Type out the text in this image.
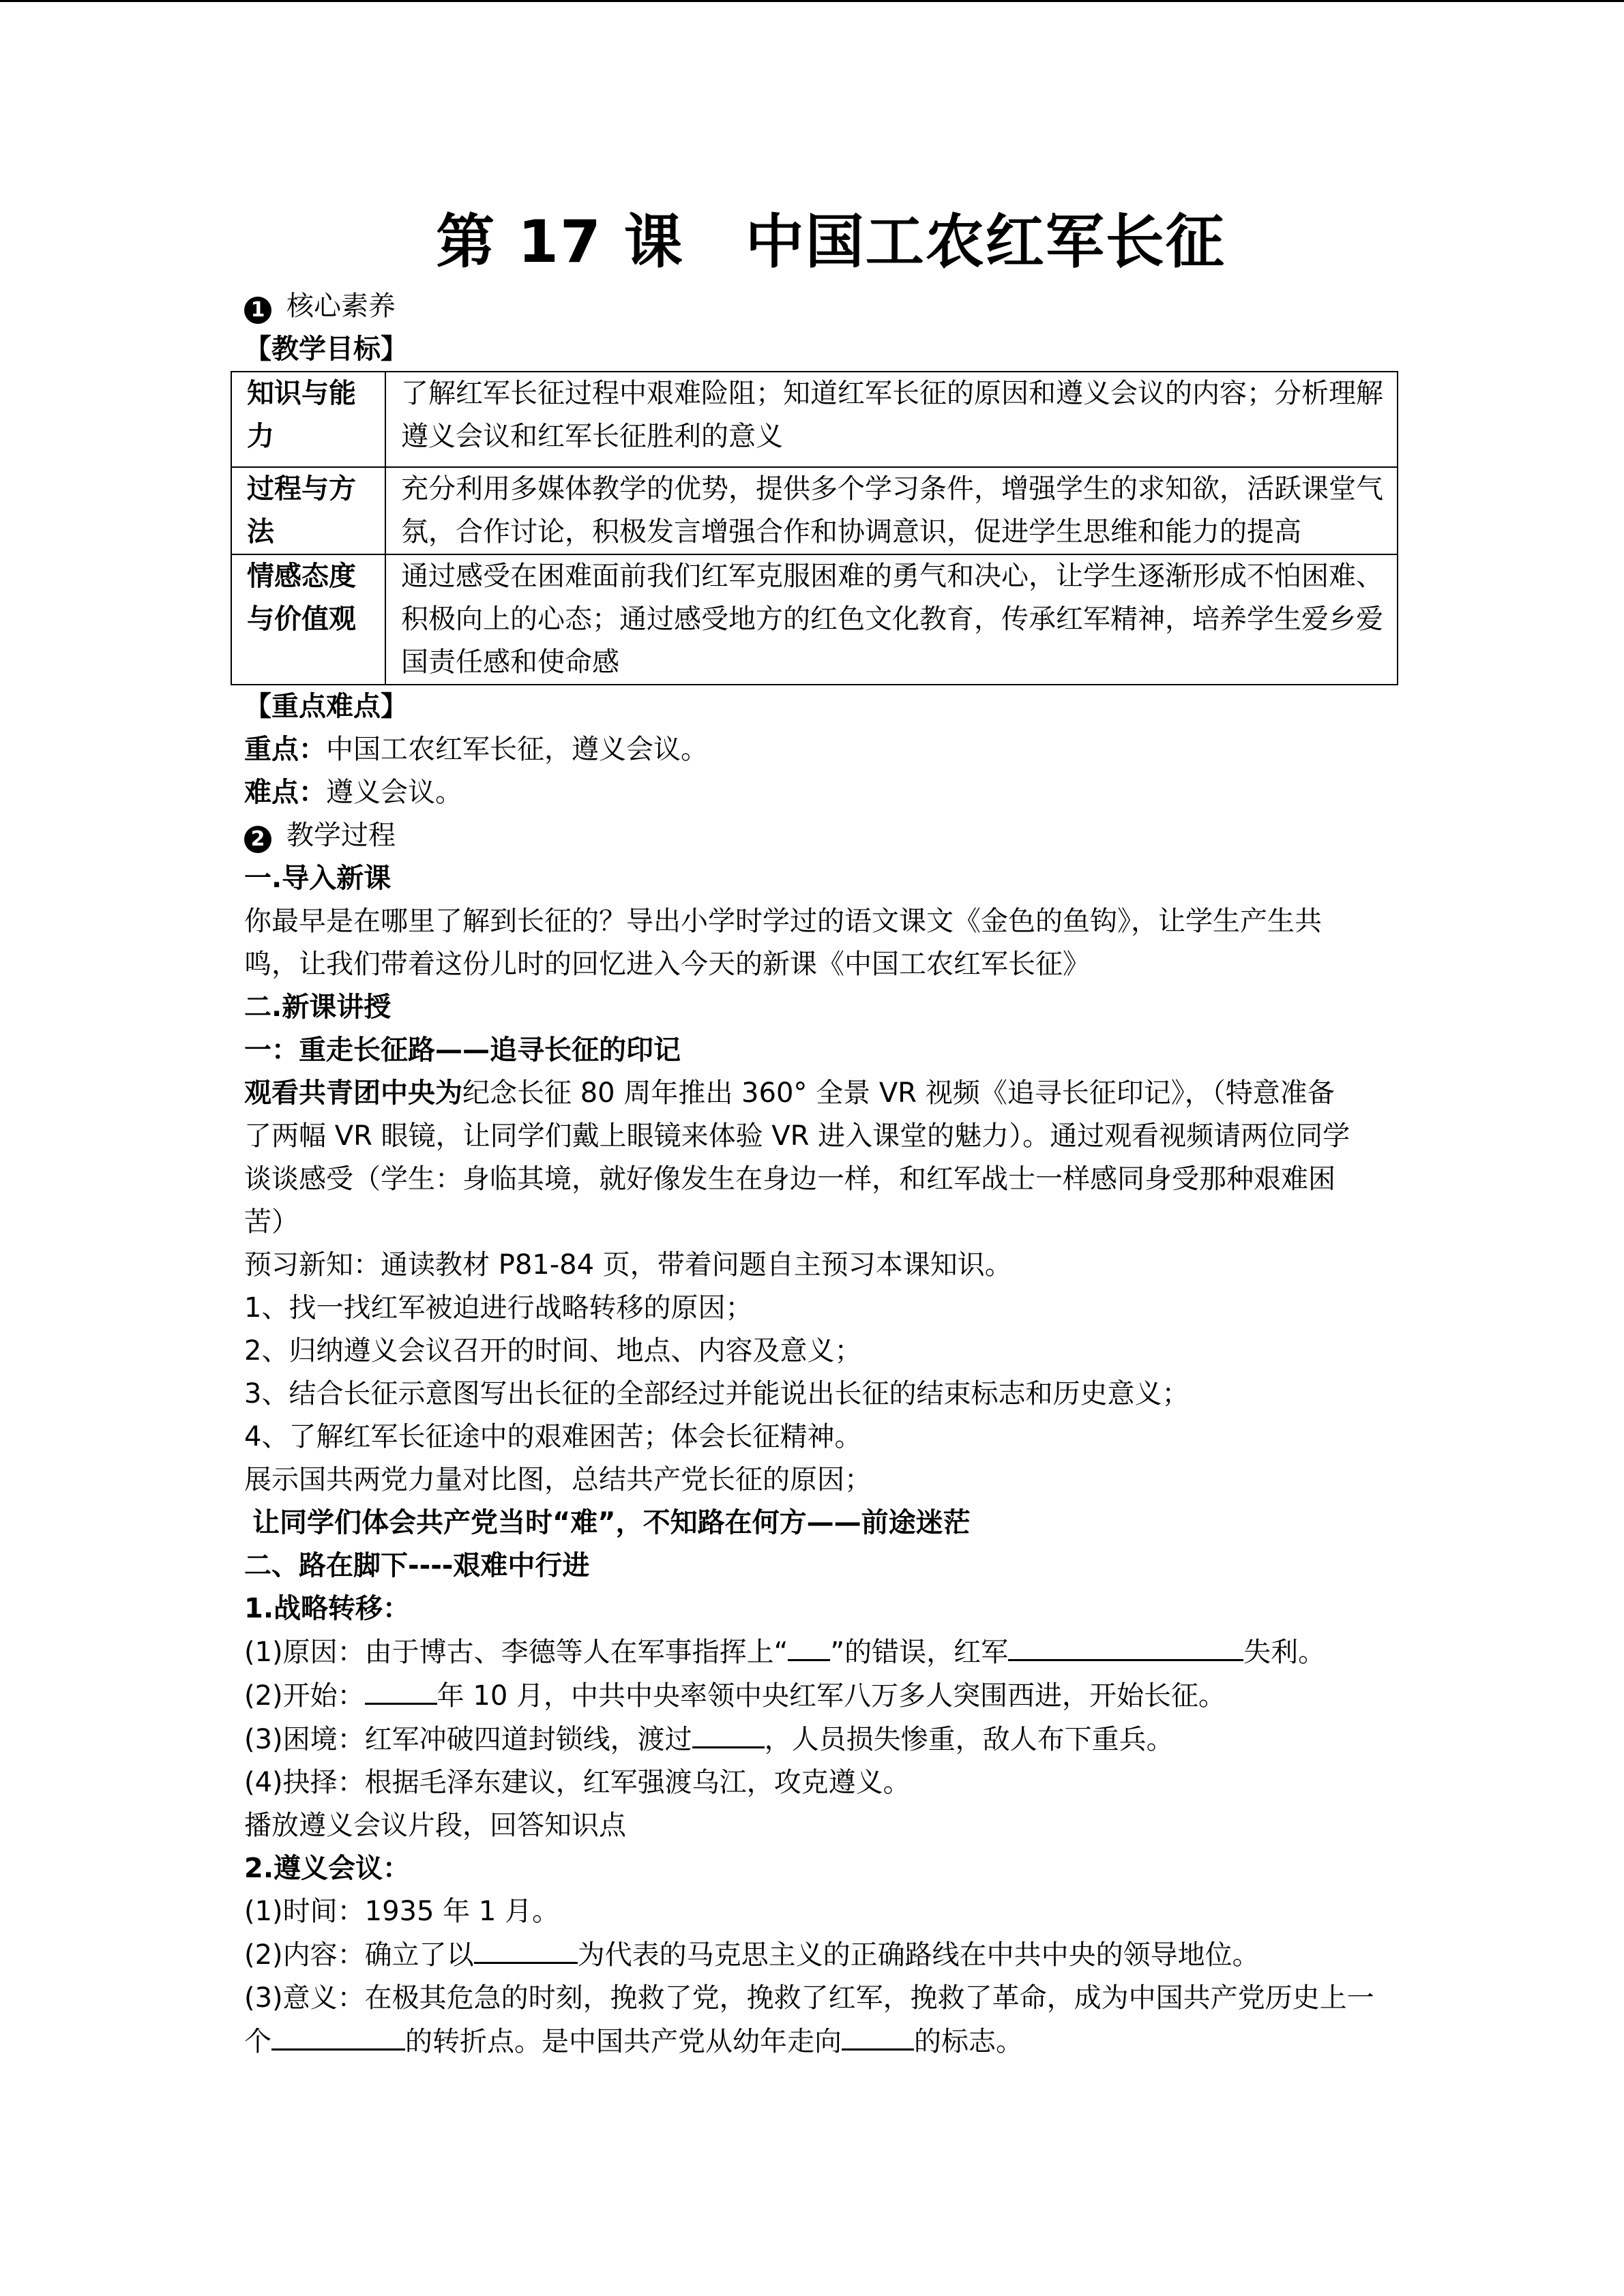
第 17 课 中国工农红军长征
1 核心素养
【教学目标】
知识与能力	了解红军长征过程中艰难险阻；知道红军长征的原因和遵义会议的内容；分析理解遵义会议和红军长征胜利的意义
过程与方法	充分利用多媒体教学的优势，提供多个学习条件，增强学生的求知欲，活跃课堂气氛，合作讨论，积极发言增强合作和协调意识，促进学生思维和能力的提高
情感态度与价值观	通过感受在困难面前我们红军克服困难的勇气和决心，让学生逐渐形成不怕困难、积极向上的心态；通过感受地方的红色文化教育，传承红军精神，培养学生爱乡爱国责任感和使命感
【重点难点】
重点：中国工农红军长征，遵义会议。
难点：遵义会议。
2 教学过程
一.导入新课
你最早是在哪里了解到长征的？导出小学时学过的语文课文《金色的鱼钩》，让学生产生共
鸣，让我们带着这份儿时的回忆进入今天的新课《中国工农红军长征》
二.新课讲授
一：重走长征路——追寻长征的印记
观看共青团中央为纪念长征 80 周年推出 360° 全景 VR 视频《追寻长征印记》，（特意准备
了两幅 VR 眼镜，让同学们戴上眼镜来体验 VR 进入课堂的魅力）。通过观看视频请两位同学
谈谈感受（学生：身临其境，就好像发生在身边一样，和红军战士一样感同身受那种艰难困
苦）
预习新知：通读教材 P81-84 页，带着问题自主预习本课知识。
1、找一找红军被迫进行战略转移的原因；
2、归纳遵义会议召开的时间、地点、内容及意义；
3、结合长征示意图写出长征的全部经过并能说出长征的结束标志和历史意义；
4、了解红军长征途中的艰难困苦；体会长征精神。
展示国共两党力量对比图，总结共产党长征的原因；
让同学们体会共产党当时“难”，不知路在何方——前途迷茫
二、路在脚下----艰难中行进
1.战略转移：
(1)原因：由于博古、李德等人在军事指挥上“ ”的错误，红军	失利。
(2)开始：	年 10 月，中共中央率领中央红军八万多人突围西进，开始长征。
(3)困境：红军冲破四道封锁线，渡过	，人员损失惨重，敌人布下重兵。
(4)抉择：根据毛泽东建议，红军强渡乌江，攻克遵义。
播放遵义会议片段，回答知识点
2.遵义会议：
(1)时间：1935 年 1 月。
(2)内容：确立了以	为代表的马克思主义的正确路线在中共中央的领导地位。
(3)意义：在极其危急的时刻，挽救了党，挽救了红军，挽救了革命，成为中国共产党历史上一
个	的转折点。是中国共产党从幼年走向	的标志。
